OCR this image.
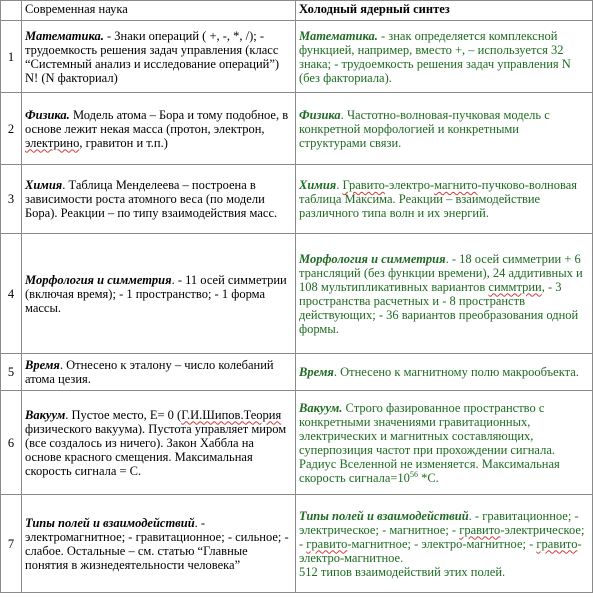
	Современная наука	Холодный ядерный синтез
1	Математика. - Знаки операций ( +, -, *, /); - трудоемкость решения задач управления (класс “Системный анализ и исследование операций”) N! (N факториал)	Математика. - знак определяется комплексной функцией, например, вместо +, – используется 32 знака; - трудоемкость решения задач управления N (без факториала).
2	Физика. Модель атома – Бора и тому подобное, в основе лежит некая масса (протон, электрон, электрино, гравитон и т.п.)	Физика. Частотно-волновая-пучковая модель с конкретной морфологией и конкретными структурами связи.
3	Химия. Таблица Менделеева – построена в зависимости роста атомного веса (по модели Бора). Реакции – по типу взаимодействия масс.	Химия. Гравито-электро-магнито-пучково-волновая таблица Максима. Реакции – взаимодействие различного типа волн и их энергий.
4	Морфология и симметрия. - 11 осей симметрии (включая время); - 1 пространство; - 1 форма массы.	Морфология и симметрия. - 18 осей симметрии + 6 трансляций (без функции времени), 24 аддитивных и 108 мультипликативных вариантов симмтрии, - 3 пространства расчетных и - 8 пространств действующих; - 36 вариантов преобразования одной формы.
5	Время. Отнесено к эталону – число колебаний атома цезия.	Время. Отнесено к магнитному полю макрообъекта.
6	Вакуум. Пустое место, E= 0 (Г.И.Шипов.Теория физического вакуума). Пустота управляет миром (все создалось из ничего). Закон Хаббла на основе красного смещения. Максимальная скорость сигнала = C.	Вакуум. Строго фазированное пространство с конкретными значениями гравитационных, электрических и магнитных составляющих, суперпозиция частот при прохождении сигнала. Радиус Вселенной не изменяется. Максимальная скорость $сигнала=10^{56}$ *C.
7	Типы полей и взаимодействий. - электромагнитное; - гравитационное; - сильное; - слабое. Остальные – см. статью “Главные понятия в жизнедеятельности человека”	Типы полей и взаимодействий. - гравитационное; - электрическое; - магнитное; - гравито-электрическое; - гравито-магнитное; - электро-магнитное; - гравито-электро-магнитное.
512 типов взаимодействий этих полей.
